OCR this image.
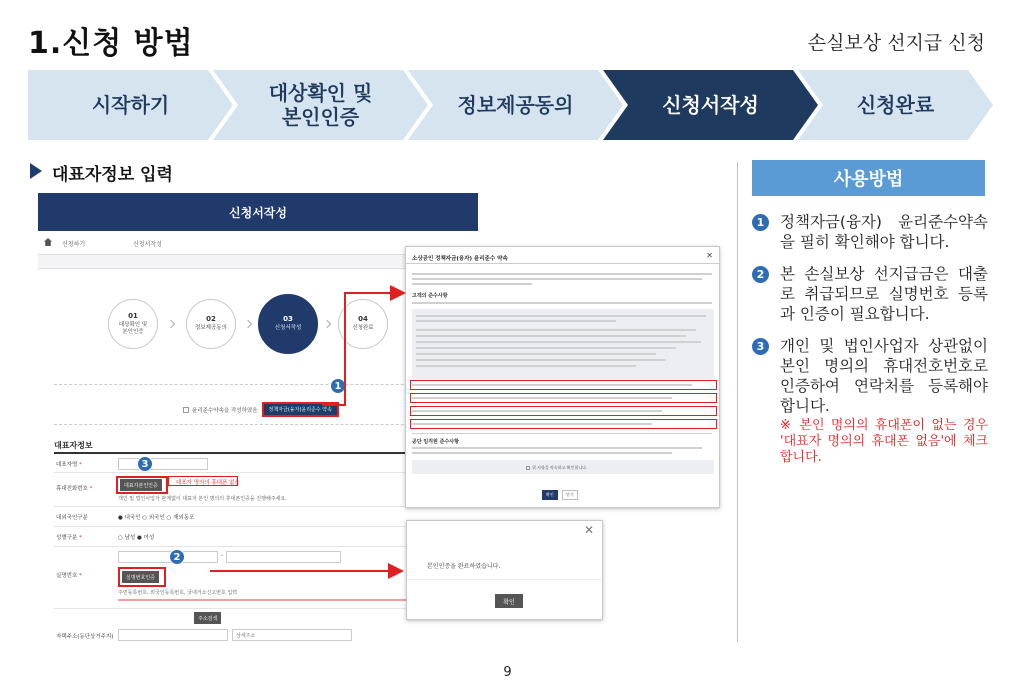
1.신청 방법	손실보상 선지급 신청
시작하기	대상확인 및
본인인증	정보제공동의	신청서작성	신청완료
대표자정보 입력	사용방법
1	정책자금(융자) 윤리준수약속을 필히 확인해야 합니다.
2	본 손실보상 선지급금은 대출로 취급되므로 실명번호 등록과 인증이 필요합니다.
3	개인 및 법인사업자 상관없이 본인 명의의 휴대전호번호로 인증하여 연락처를 등록해야 합니다.
※ 본인 명의의 휴대폰이 없는 경우 '대표자 명의의 휴대폰 없음'에 체크합니다.
신청서작성
신청하기	신청서작성
01
대상확인 및
본인인증
02
정보제공동의
03
신청서작성
04
신청완료
윤리준수약속을 작성하였음	정책자금(융자)윤리준수 약속
대표자정보
대표자명 *
휴대전화번호 *	대표자본인인증	대표자 명의의 휴대폰 없음
개인 및 법인사업자 관계없이 대표자 본인 명의의 휴대폰인증을 진행해주세요.
내외국인구분	● 내국인 ○ 외국인 ○ 재외동포
성별구분 *	○ 남성 ● 여성
실명번호 *
-
실명번호인증
주민등록번호, 외국인등록번호, 국내거소신고번호 입력
주소검색
자택주소(동단상거주지)	상세주소
1
3
2
소상공인 정책자금(융자) 윤리준수 약속	✕
고객의 준수사항
공단 임직원 준수사항
위 사항을 약속하고 확인합니다.
확인	닫기
✕
본인인증을 완료하였습니다.
확인
9
